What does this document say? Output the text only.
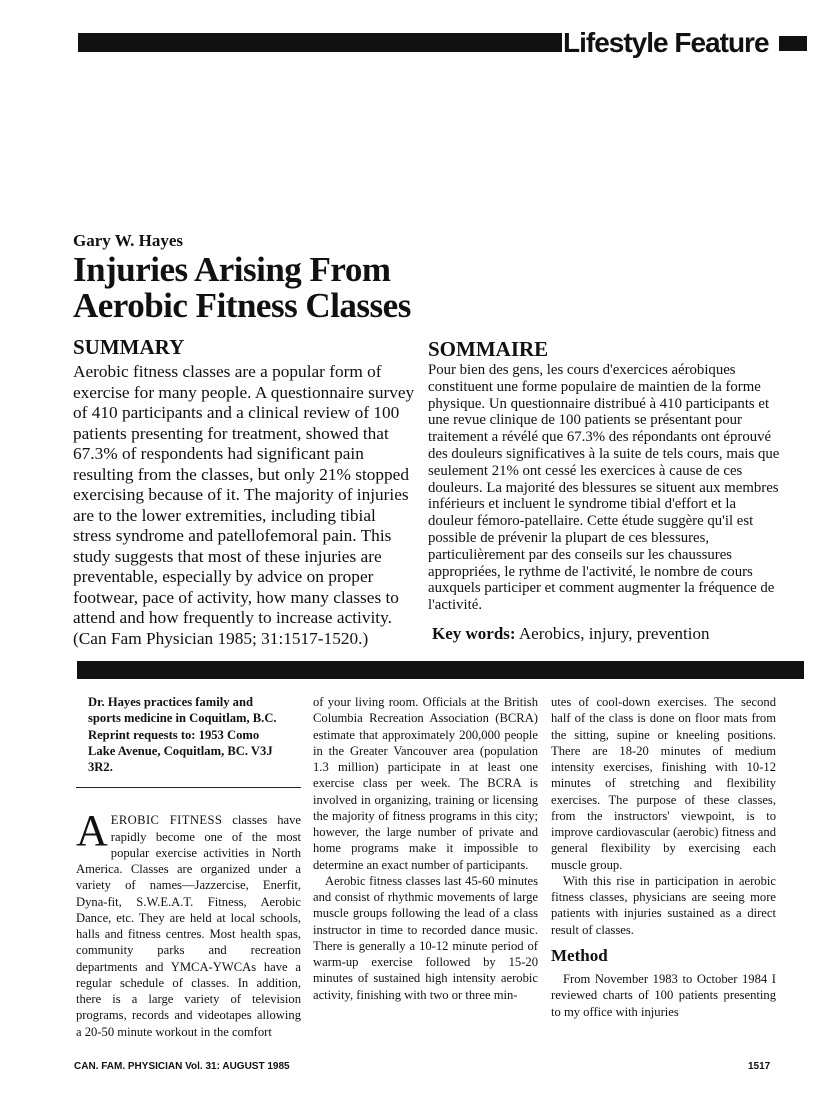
Lifestyle Feature
Gary W. Hayes
Injuries Arising From
Aerobic Fitness Classes
SUMMARY
Aerobic fitness classes are a popular form of exercise for many people. A questionnaire survey of 410 participants and a clinical review of 100 patients presenting for treatment, showed that 67.3% of respondents had significant pain resulting from the classes, but only 21% stopped exercising because of it. The majority of injuries are to the lower extremities, including tibial stress syndrome and patellofemoral pain. This study suggests that most of these injuries are preventable, especially by advice on proper footwear, pace of activity, how many classes to attend and how frequently to increase activity. (Can Fam Physician 1985; 31:1517-1520.)
SOMMAIRE
Pour bien des gens, les cours d'exercices aérobiques constituent une forme populaire de maintien de la forme physique. Un questionnaire distribué à 410 participants et une revue clinique de 100 patients se présentant pour traitement a révélé que 67.3% des répondants ont éprouvé des douleurs significatives à la suite de tels cours, mais que seulement 21% ont cessé les exercices à cause de ces douleurs. La majorité des blessures se situent aux membres inférieurs et incluent le syndrome tibial d'effort et la douleur fémoro-patellaire. Cette étude suggère qu'il est possible de prévenir la plupart de ces blessures, particulièrement par des conseils sur les chaussures appropriées, le rythme de l'activité, le nombre de cours auxquels participer et comment augmenter la fréquence de l'activité.
Key words: Aerobics, injury, prevention

Dr. Hayes practices family and sports medicine in Coquitlam, B.C. Reprint requests to: 1953 Como Lake Avenue, Coquitlam, BC. V3J 3R2.

AEROBIC FITNESS classes have rapidly become one of the most popular exercise activities in North America. Classes are organized under a variety of names—Jazzercise, Enerfit, Dyna-fit, S.W.E.A.T. Fitness, Aerobic Dance, etc. They are held at local schools, halls and fitness centres. Most health spas, community parks and recreation departments and YMCA-YWCAs have a regular schedule of classes. In addition, there is a large variety of television programs, records and videotapes allowing a 20-50 minute workout in the comfort

of your living room. Officials at the British Columbia Recreation Association (BCRA) estimate that approximately 200,000 people in the Greater Vancouver area (population 1.3 million) participate in at least one exercise class per week. The BCRA is involved in organizing, training or licensing the majority of fitness programs in this city; however, the large number of private and home programs make it impossible to determine an exact number of participants.

Aerobic fitness classes last 45-60 minutes and consist of rhythmic movements of large muscle groups following the lead of a class instructor in time to recorded dance music. There is generally a 10-12 minute period of warm-up exercise followed by 15-20 minutes of sustained high intensity aerobic activity, finishing with two or three min-

utes of cool-down exercises. The second half of the class is done on floor mats from the sitting, supine or kneeling positions. There are 18-20 minutes of medium intensity exercises, finishing with 10-12 minutes of stretching and flexibility exercises. The purpose of these classes, from the instructors' viewpoint, is to improve cardiovascular (aerobic) fitness and general flexibility by exercising each muscle group.

With this rise in participation in aerobic fitness classes, physicians are seeing more patients with injuries sustained as a direct result of classes.

Method

From November 1983 to October 1984 I reviewed charts of 100 patients presenting to my office with injuries

CAN. FAM. PHYSICIAN Vol. 31: AUGUST 1985	1517
